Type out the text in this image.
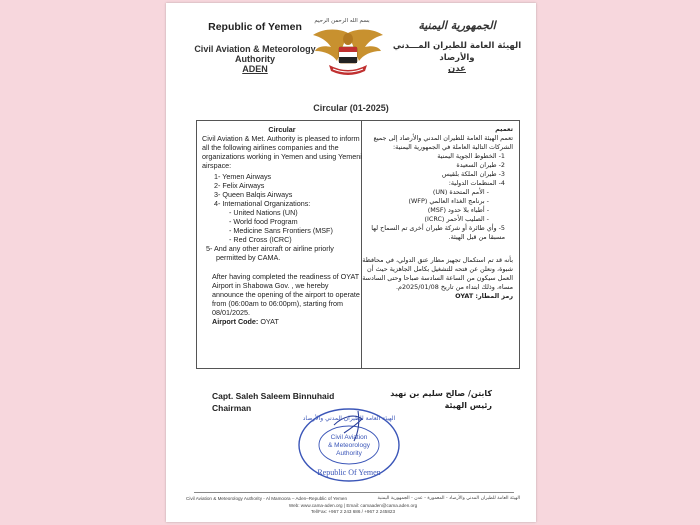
Republic of Yemen
Civil Aviation & Meteorology Authority
ADEN
بسم الله الرحمن الرحيم	الجمهورية اليمنية
الهيئة العامة للطيران المـــدني والأرصاد
عدن
Circular (01-2025)
Circular
Civil Aviation & Met. Authority is pleased to inform all the following airlines companies and the organizations working in Yemen and using Yemeni airspace:
1- Yemen Airways
2- Felix Airways
3- Queen Balqis Airways
4- International Organizations:
- United Nations (UN)
- World food Program
- Medicine Sans Frontiers (MSF)
- Red Cross (ICRC)
5- And any other aircraft or airline priorly permitted by CAMA.
After having completed the readiness of OYAT Airport in Shabowa Gov. , we hereby announce the opening of the airport to operate from (06:00am to 06:00pm), starting from 08/01/2025.
Airport Code: OYAT
تعميم
تعمم الهيئة العامة للطيران المدني والأرصاد إلى جميع الشركات التالية العاملة في الجمهورية اليمنية:
1- الخطوط الجوية اليمنية
2- طيران السعيدة
3- طيران الملكة بلقيس
4- المنظمات الدولية:
- الأمم المتحدة (UN)
- برنامج الغذاء العالمي (WFP)
- أطباء بلا حدود (MSF)
- الصليب الأحمر (ICRC)
5- وأي طائرة أو شركة طيران أخرى تم السماح لها مسبقا من قبل الهيئة.
بأنه قد تم استكمال تجهيز مطار عتق الدولي، في محافظة شبوة، ونعلن عن فتحه للتشغيل بكامل الجاهزية حيث أن العمل سيكون من الساعة السادسة صباحا وحتى السادسة مساء، وذلك ابتداء من تاريخ 2025/01/08م.
رمز المطار: OYAT
Capt. Saleh Saleem Binnuhaid
Chairman
كابتن/ صالح سليم بن نهيد
رئيس الهيئة
الهيئة العامة للطيران المدني والأرصاد
Civil Aviation
& Meteorology
Authority
Republic Of Yemen
Civil Aviation & Meteorology Authority - Al Mamoora – Aden–Republic of Yemen	الهيئة العامة للطيران المدني والأرصاد - المعمورة - عدن - الجمهورية اليمنية
Web: www.cama-aden.org | Email: camaaden@cama.aden.org
Tel/Fax: +967 2 243 686 / +967 2 245823
